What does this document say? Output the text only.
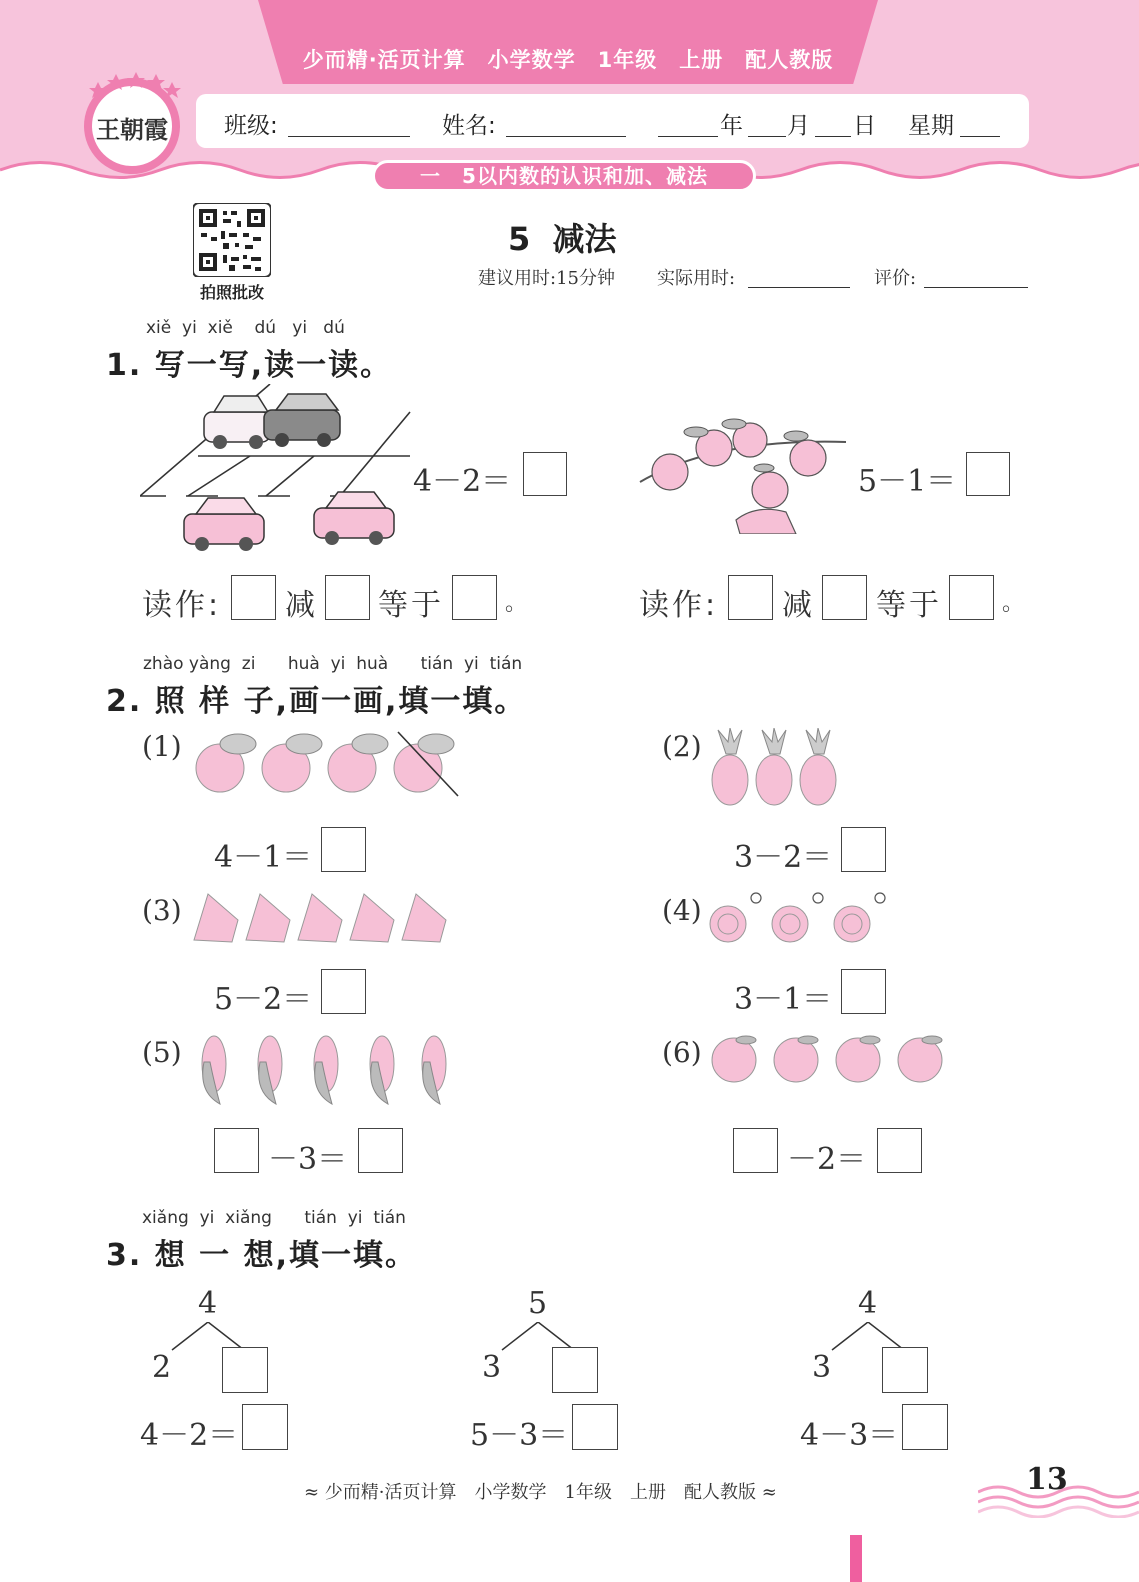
少而精·活页计算　小学数学　1年级　上册　配人教版
王朝霞 班级:	姓名:	年 月 日 星期
一　5以内数的认识和加、减法
拍照批改
5  减法
建议用时:15分钟 实际用时:	评价:
xiě  yi  xiě    dú   yi   dú
1. 写一写,读一读。
4－2＝	5－1＝
读作: 减 等于	。	读作: 减 等于	。
zhào yàng  zi      huà  yi  huà      tián  yi  tián
2. 照 样 子,画一画,填一填。
(1)
4－1＝
(2)
3－2＝
(3)
5－2＝
(4)
3－1＝
(5)
－3＝
(6)
－2＝
xiǎng  yi  xiǎng      tián  yi  tián
3. 想 一 想,填一填。
4
2
4－2＝
5
3
5－3＝
4
3
4－3＝
≈ 少而精·活页计算　小学数学　1年级　上册　配人教版 ≈	13
